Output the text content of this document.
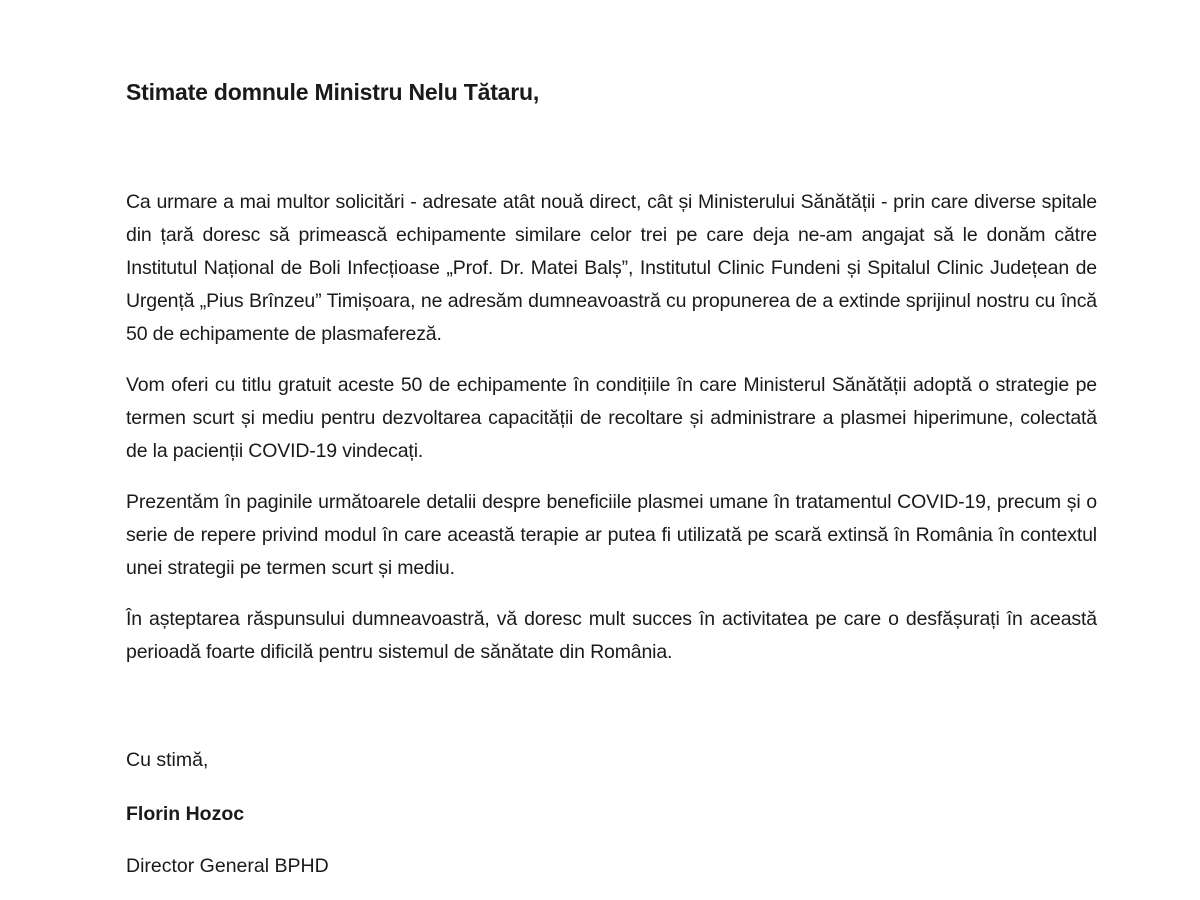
Stimate domnule Ministru Nelu Tătaru,

Ca urmare a mai multor solicitări - adresate atât nouă direct, cât și Ministerului Sănătății - prin care diverse spitale din țară doresc să primească echipamente similare celor trei pe care deja ne-am angajat să le donăm către Institutul Național de Boli Infecțioase „Prof. Dr. Matei Balș”, Institutul Clinic Fundeni și Spitalul Clinic Județean de Urgență „Pius Brînzeu” Timișoara, ne adresăm dumneavoastră cu propunerea de a extinde sprijinul nostru cu încă 50 de echipamente de plasmafereză.

Vom oferi cu titlu gratuit aceste 50 de echipamente în condițiile în care Ministerul Sănătății adoptă o strategie pe termen scurt și mediu pentru dezvoltarea capacității de recoltare și administrare a plasmei hiperimune, colectată de la pacienții COVID-19 vindecați.

Prezentăm în paginile următoarele detalii despre beneficiile plasmei umane în tratamentul COVID-19, precum și o serie de repere privind modul în care această terapie ar putea fi utilizată pe scară extinsă în România în contextul unei strategii pe termen scurt și mediu.

În așteptarea răspunsului dumneavoastră, vă doresc mult succes în activitatea pe care o desfășurați în această perioadă foarte dificilă pentru sistemul de sănătate din România.

Cu stimă,

Florin Hozoc

Director General BPHD
